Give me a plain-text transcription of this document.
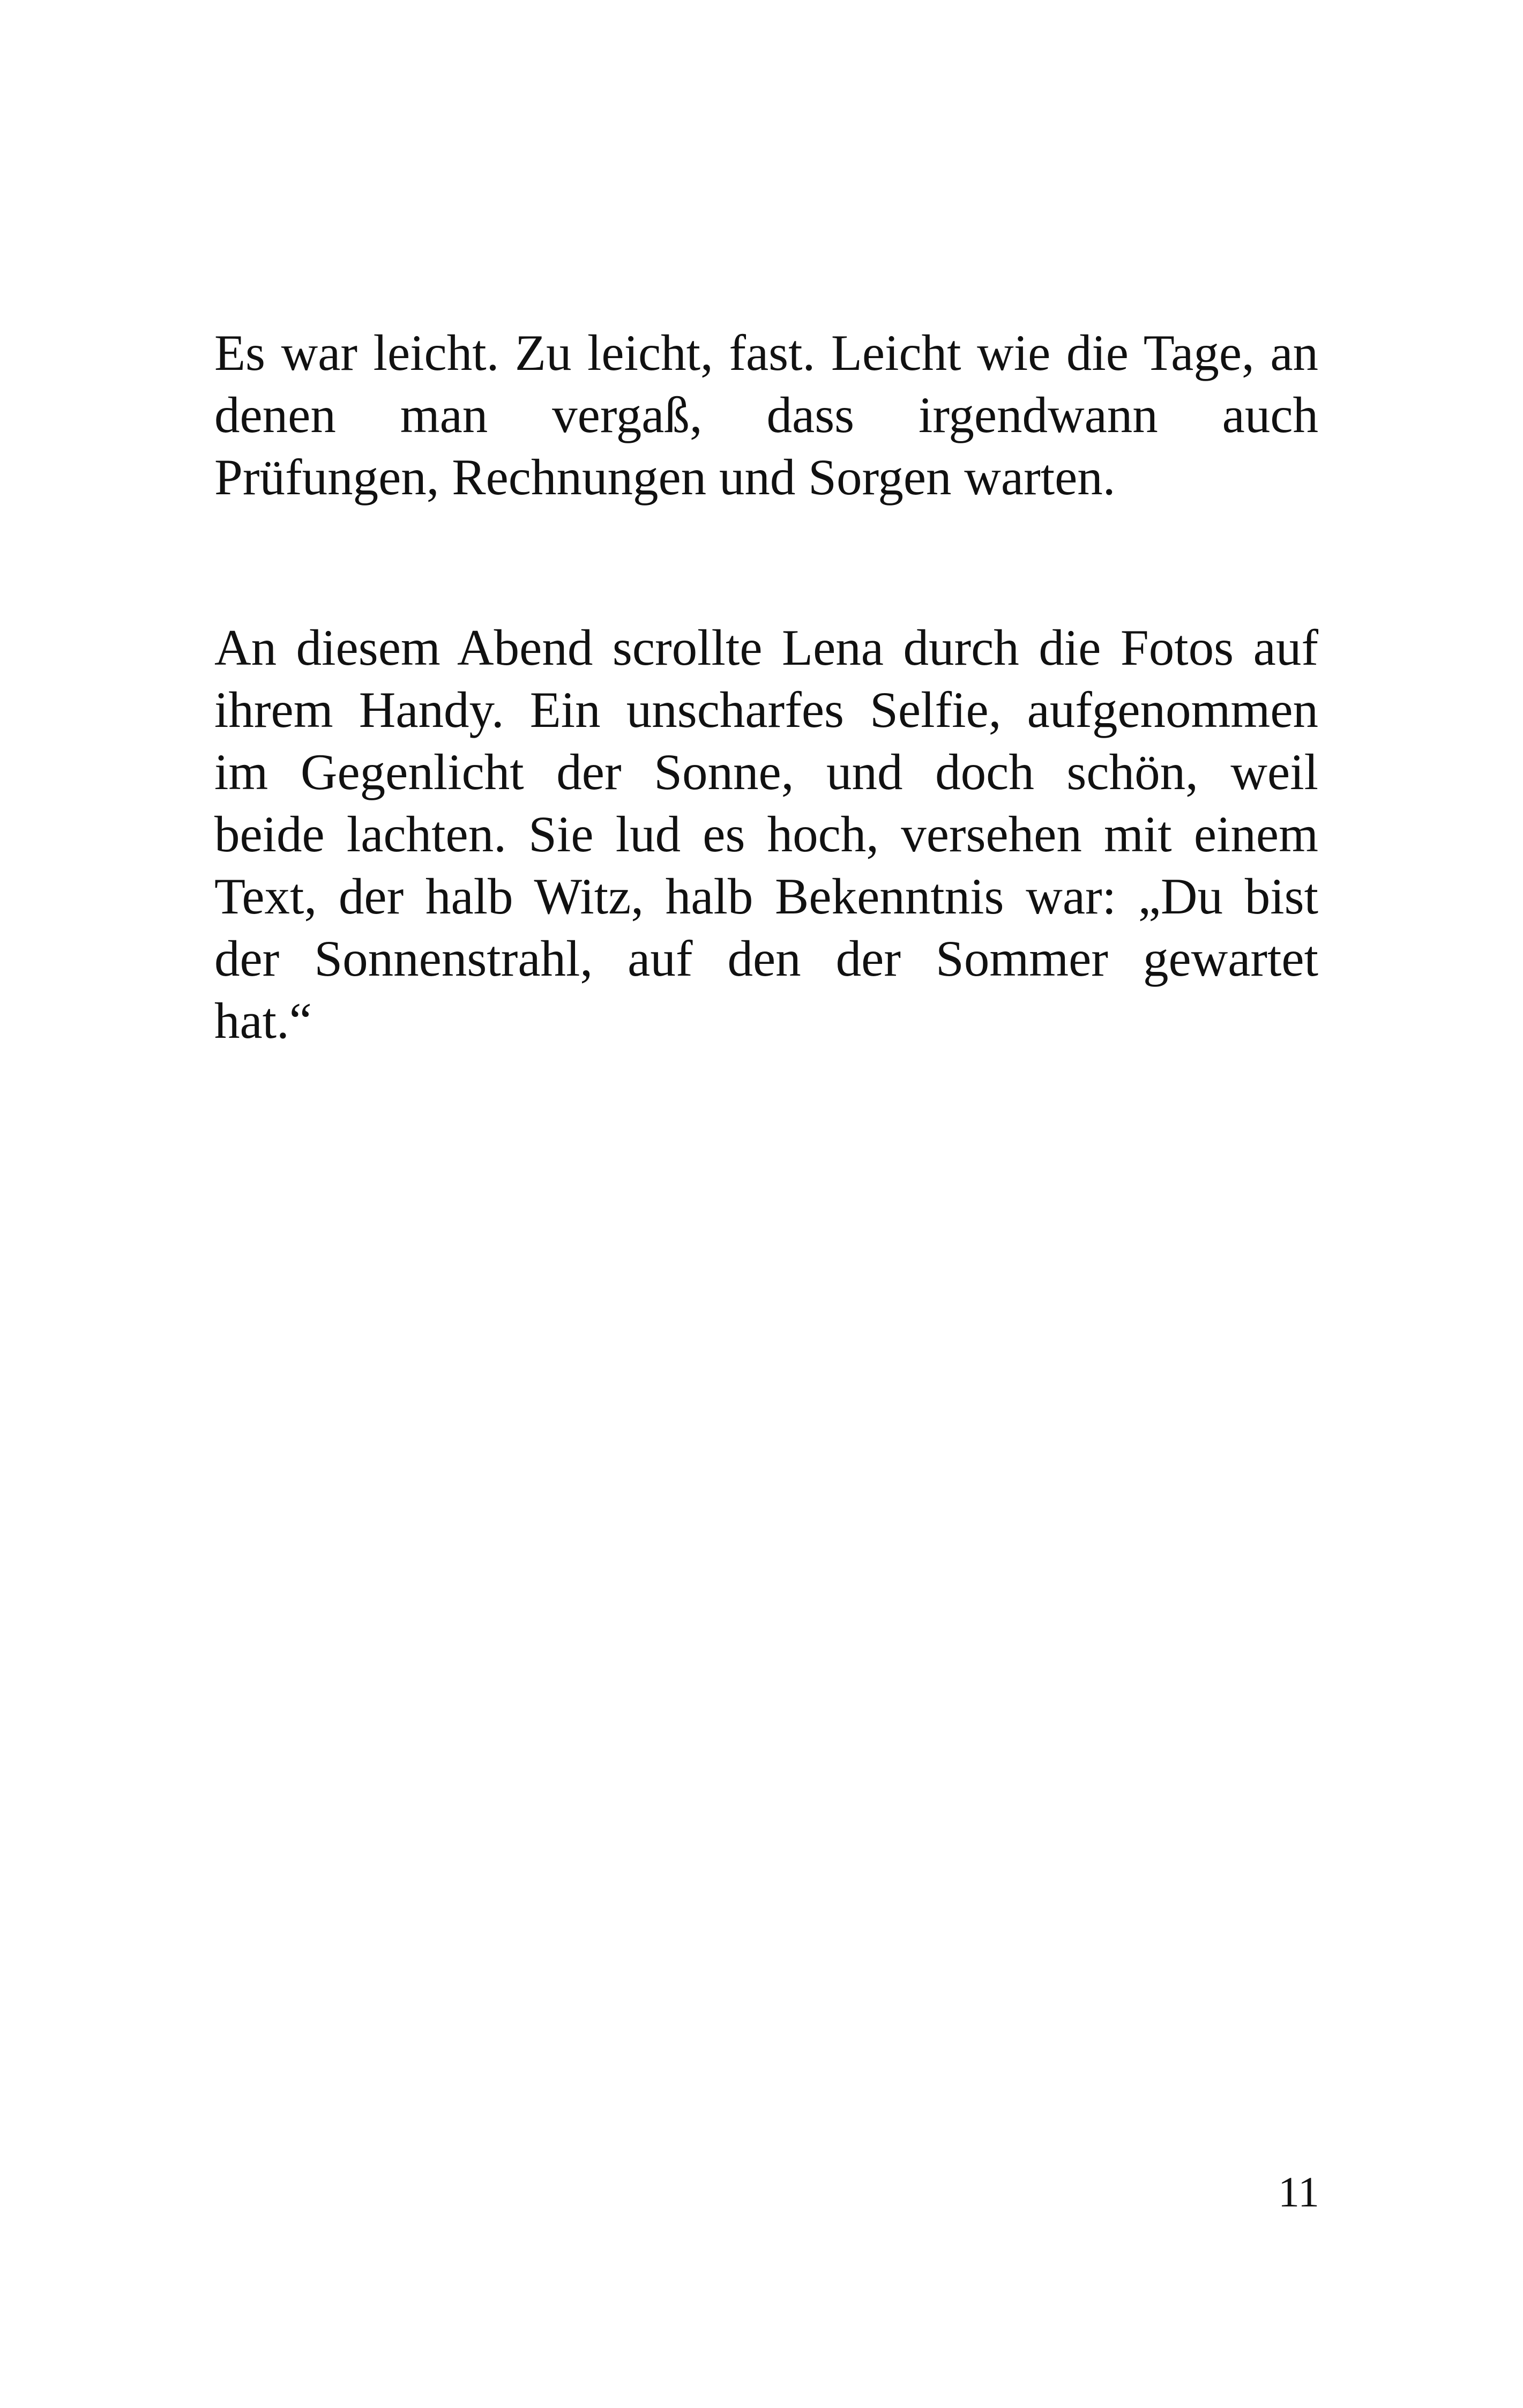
Es war leicht. Zu leicht, fast. Leicht wie die Tage, an
denen man vergaß, dass irgendwann auch
Prüfungen, Rechnungen und Sorgen warten.
An diesem Abend scrollte Lena durch die Fotos auf
ihrem Handy. Ein unscharfes Selfie, aufgenommen
im Gegenlicht der Sonne, und doch schön, weil
beide lachten. Sie lud es hoch, versehen mit einem
Text, der halb Witz, halb Bekenntnis war: „Du bist
der Sonnenstrahl, auf den der Sommer gewartet
hat.“
11
